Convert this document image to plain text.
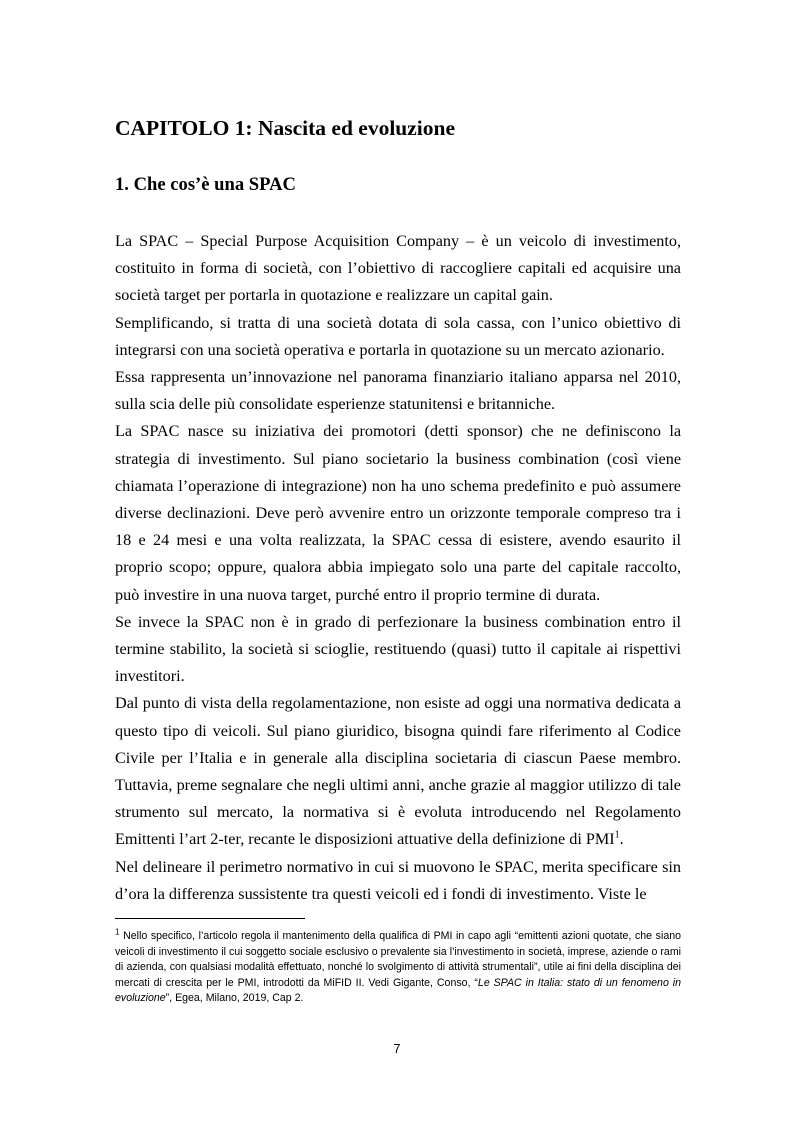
CAPITOLO 1: Nascita ed evoluzione
1. Che cos’è una SPAC

La SPAC – Special Purpose Acquisition Company – è un veicolo di investimento, costituito in forma di società, con l’obiettivo di raccogliere capitali ed acquisire una società target per portarla in quotazione e realizzare un capital gain.

Semplificando, si tratta di una società dotata di sola cassa, con l’unico obiettivo di integrarsi con una società operativa e portarla in quotazione su un mercato azionario.

Essa rappresenta un’innovazione nel panorama finanziario italiano apparsa nel 2010, sulla scia delle più consolidate esperienze statunitensi e britanniche.

La SPAC nasce su iniziativa dei promotori (detti sponsor) che ne definiscono la strategia di investimento. Sul piano societario la business combination (così viene chiamata l’operazione di integrazione) non ha uno schema predefinito e può assumere diverse declinazioni. Deve però avvenire entro un orizzonte temporale compreso tra i 18 e 24 mesi e una volta realizzata, la SPAC cessa di esistere, avendo esaurito il proprio scopo; oppure, qualora abbia impiegato solo una parte del capitale raccolto, può investire in una nuova target, purché entro il proprio termine di durata.

Se invece la SPAC non è in grado di perfezionare la business combination entro il termine stabilito, la società si scioglie, restituendo (quasi) tutto il capitale ai rispettivi investitori.

Dal punto di vista della regolamentazione, non esiste ad oggi una normativa dedicata a questo tipo di veicoli. Sul piano giuridico, bisogna quindi fare riferimento al Codice Civile per l’Italia e in generale alla disciplina societaria di ciascun Paese membro. Tuttavia, preme segnalare che negli ultimi anni, anche grazie al maggior utilizzo di tale strumento sul mercato, la normativa si è evoluta introducendo nel Regolamento Emittenti l’art 2-ter, recante le disposizioni attuative della definizione di PMI$^1$.

Nel delineare il perimetro normativo in cui si muovono le SPAC, merita specificare sin d’ora la differenza sussistente tra questi veicoli ed i fondi di investimento. Viste le

$^1$ Nello specifico, l’articolo regola il mantenimento della qualifica di PMI in capo agli “emittenti azioni quotate, che siano veicoli di investimento il cui soggetto sociale esclusivo o prevalente sia l’investimento in società, imprese, aziende o rami di azienda, con qualsiasi modalità effettuato, nonché lo svolgimento di attività strumentali”, utile ai fini della disciplina dei mercati di crescita per le PMI, introdotti da MiFID II. Vedi Gigante, Conso, “Le SPAC in Italia: stato di un fenomeno in evoluzione”, Egea, Milano, 2019, Cap 2.

7
